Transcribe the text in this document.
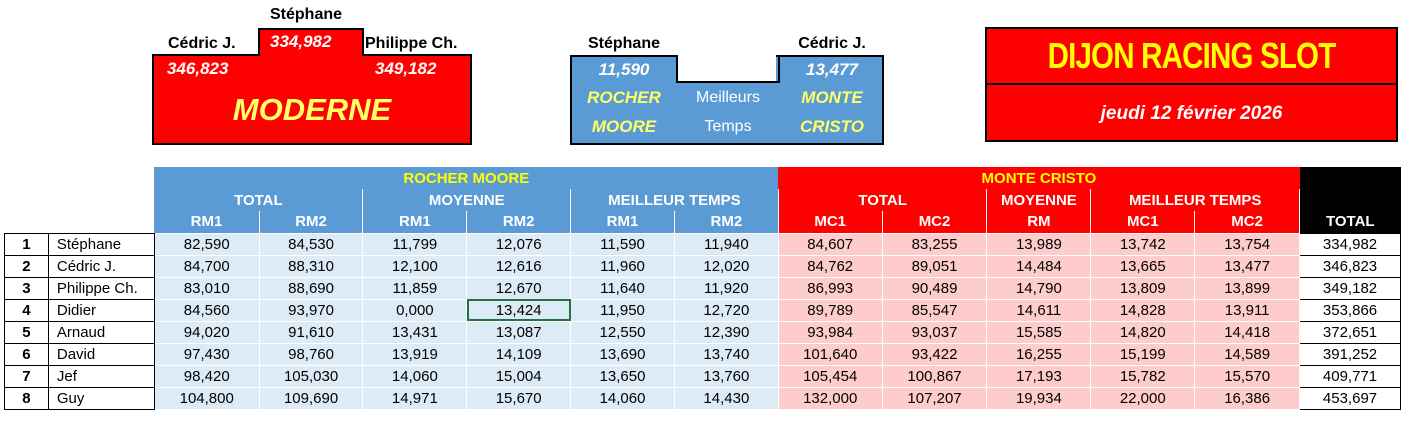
Stéphane
Cédric J.	Philippe Ch.
334,982
346,823	349,182
MODERNE
Stéphane	Cédric J.
11,590	13,477
ROCHER
MOORE
MONTE
CRISTO
Meilleurs
Temps
DIJON RACING SLOT
jeudi 12 février 2026
		ROCHER MOORE						MONTE CRISTO					
		TOTAL		MOYENNE		MEILLEUR TEMPS		TOTAL		MOYENNE	MEILLEUR TEMPS		
		RM1	RM2	RM1	RM2	RM1	RM2	MC1	MC2	RM	MC1	MC2	TOTAL
1	Stéphane	82,590	84,530	11,799	12,076	11,590	11,940	84,607	83,255	13,989	13,742	13,754	334,982
2	Cédric J.	84,700	88,310	12,100	12,616	11,960	12,020	84,762	89,051	14,484	13,665	13,477	346,823
3	Philippe Ch.	83,010	88,690	11,859	12,670	11,640	11,920	86,993	90,489	14,790	13,809	13,899	349,182
4	Didier	84,560	93,970	0,000	13,424	11,950	12,720	89,789	85,547	14,611	14,828	13,911	353,866
5	Arnaud	94,020	91,610	13,431	13,087	12,550	12,390	93,984	93,037	15,585	14,820	14,418	372,651
6	David	97,430	98,760	13,919	14,109	13,690	13,740	101,640	93,422	16,255	15,199	14,589	391,252
7	Jef	98,420	105,030	14,060	15,004	13,650	13,760	105,454	100,867	17,193	15,782	15,570	409,771
8	Guy	104,800	109,690	14,971	15,670	14,060	14,430	132,000	107,207	19,934	22,000	16,386	453,697
